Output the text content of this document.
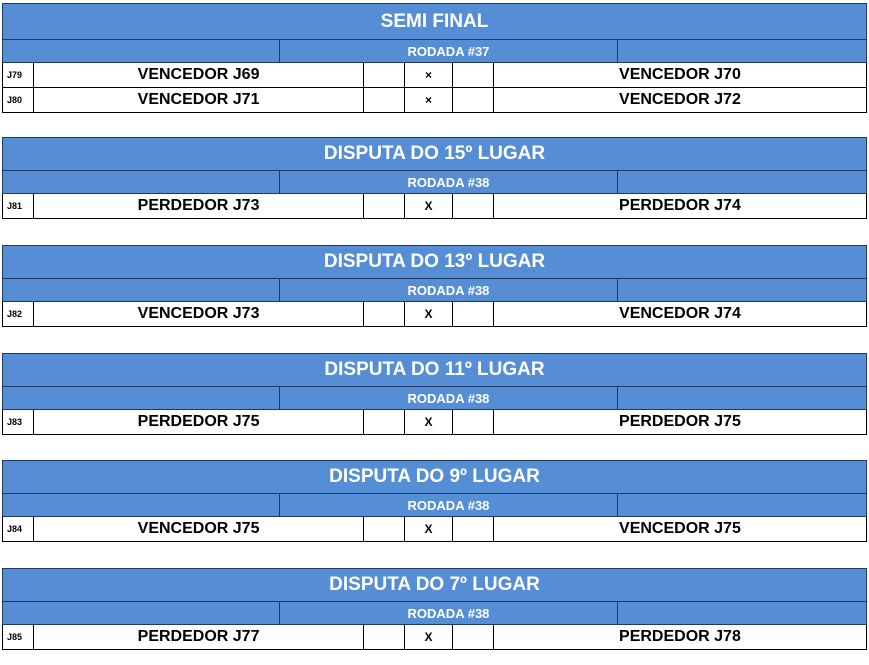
SEMI FINAL
RODADA #37
J79	VENCEDOR J69	×	VENCEDOR J70
J80	VENCEDOR J71	×	VENCEDOR J72
DISPUTA DO 15º LUGAR
RODADA #38
J81	PERDEDOR J73	X	PERDEDOR J74
DISPUTA DO 13º LUGAR
RODADA #38
J82	VENCEDOR J73	X	VENCEDOR J74
DISPUTA DO 11º LUGAR
RODADA #38
J83	PERDEDOR J75	X	PERDEDOR J75
DISPUTA DO 9º LUGAR
RODADA #38
J84	VENCEDOR J75	X	VENCEDOR J75
DISPUTA DO 7º LUGAR
RODADA #38
J85	PERDEDOR J77	X	PERDEDOR J78
